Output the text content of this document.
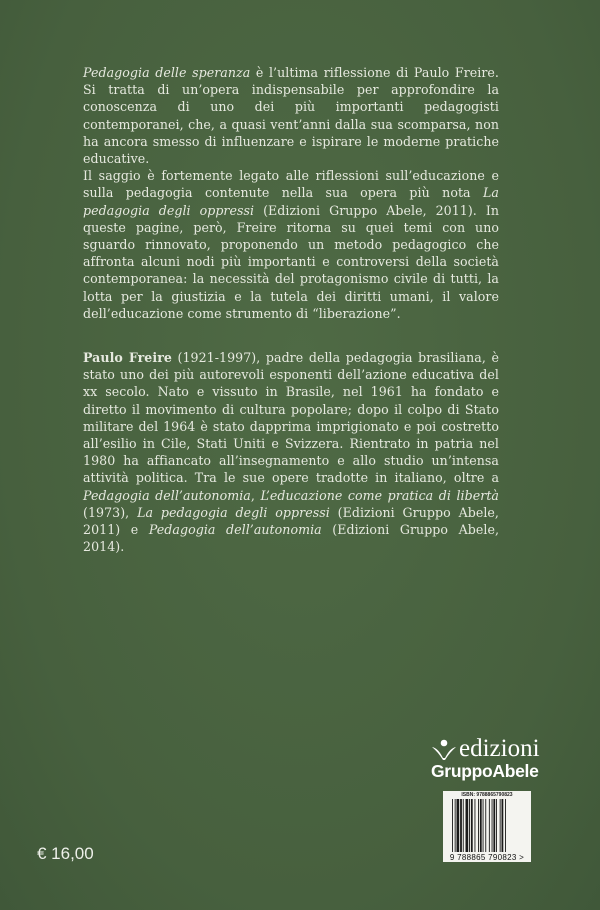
Pedagogia delle speranza è l’ultima riflessione di Paulo Freire. Si tratta di un’opera indispensabile per approfondire la conoscenza di uno dei più importanti pedagogisti contemporanei, che, a quasi vent’anni dalla sua scomparsa, non ha ancora smesso di influenzare e ispirare le moderne pratiche educative.

Il saggio è fortemente legato alle riflessioni sull’educazione e sulla pedagogia contenute nella sua opera più nota La pedagogia degli oppressi (Edizioni Gruppo Abele, 2011). In queste pagine, però, Freire ritorna su quei temi con uno sguardo rinnovato, proponendo un metodo pedagogico che affronta alcuni nodi più importanti e controversi della società contemporanea: la necessità del protagonismo civile di tutti, la lotta per la giustizia e la tutela dei diritti umani, il valore dell’educazione come strumento di “liberazione”.

Paulo Freire (1921-1997), padre della pedagogia brasiliana, è stato uno dei più autorevoli esponenti dell’azione educativa del xx secolo. Nato e vissuto in Brasile, nel 1961 ha fondato e diretto il movimento di cultura popolare; dopo il colpo di Stato militare del 1964 è stato dapprima imprigionato e poi costretto all’esilio in Cile, Stati Uniti e Svizzera. Rientrato in patria nel 1980 ha affiancato all’insegnamento e allo studio un’intensa attività politica. Tra le sue opere tradotte in italiano, oltre a Pedagogia dell’autonomia, L’educazione come pratica di libertà (1973), La pedagogia degli oppressi (Edizioni Gruppo Abele, 2011) e Pedagogia dell’autonomia (Edizioni Gruppo Abele, 2014).

edizioni
GruppoAbele
ISBN: 9788865790823
9 788865 790823 >
€ 16,00
